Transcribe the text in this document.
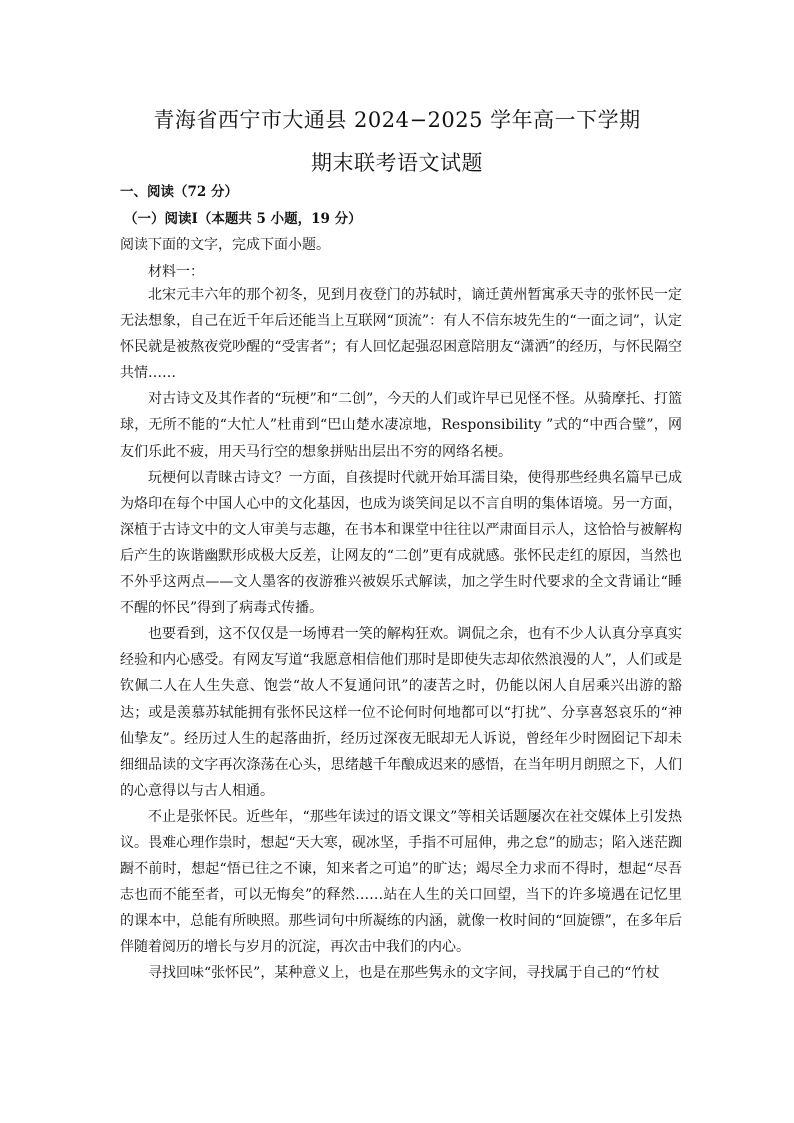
青海省西宁市大通县 2024−2025 学年高一下学期
期末联考语文试题
一、阅读（72 分）
（一）阅读Ⅰ（本题共 5 小题，19 分）
阅读下面的文字，完成下面小题。
材料一：

北宋元丰六年的那个初冬，见到月夜登门的苏轼时，谪迁黄州暂寓承天寺的张怀民一定无法想象，自己在近千年后还能当上互联网“顶流”：有人不信东坡先生的“一面之词”，认定怀民就是被熬夜党吵醒的“受害者”；有人回忆起强忍困意陪朋友“潇洒”的经历，与怀民隔空共情……

对古诗文及其作者的“玩梗”和“二创”，今天的人们或许早已见怪不怪。从骑摩托、打篮球，无所不能的“大忙人”杜甫到“巴山楚水凄凉地，Responsibility ”式的“中西合璧”，网友们乐此不疲，用天马行空的想象拼贴出层出不穷的网络名梗。

玩梗何以青睐古诗文？一方面，自孩提时代就开始耳濡目染，使得那些经典名篇早已成为烙印在每个中国人心中的文化基因，也成为谈笑间足以不言自明的集体语境。另一方面，深植于古诗文中的文人审美与志趣，在书本和课堂中往往以严肃面目示人，这恰恰与被解构后产生的诙谐幽默形成极大反差，让网友的“二创”更有成就感。张怀民走红的原因，当然也不外乎这两点——文人墨客的夜游雅兴被娱乐式解读，加之学生时代要求的全文背诵让“睡不醒的怀民”得到了病毒式传播。

也要看到，这不仅仅是一场博君一笑的解构狂欢。调侃之余，也有不少人认真分享真实经验和内心感受。有网友写道“我愿意相信他们那时是即使失志却依然浪漫的人”，人们或是钦佩二人在人生失意、饱尝“故人不复通问讯”的凄苦之时，仍能以闲人自居乘兴出游的豁达；或是羡慕苏轼能拥有张怀民这样一位不论何时何地都可以“打扰”、分享喜怒哀乐的“神仙挚友”。经历过人生的起落曲折，经历过深夜无眠却无人诉说，曾经年少时囫囵记下却未细细品读的文字再次涤荡在心头，思绪越千年酿成迟来的感悟，在当年明月朗照之下，人们的心意得以与古人相通。

不止是张怀民。近些年，“那些年读过的语文课文”等相关话题屡次在社交媒体上引发热议。畏难心理作祟时，想起“天大寒，砚冰坚，手指不可屈伸，弗之怠”的励志；陷入迷茫踟蹰不前时，想起“悟已往之不谏，知来者之可追”的旷达；竭尽全力求而不得时，想起“尽吾志也而不能至者，可以无悔矣”的释然……站在人生的关口回望，当下的许多境遇在记忆里的课本中，总能有所映照。那些词句中所凝练的内涵，就像一枚时间的“回旋镖”，在多年后伴随着阅历的增长与岁月的沉淀，再次击中我们的内心。

寻找回味“张怀民”，某种意义上，也是在那些隽永的文字间，寻找属于自己的“竹杖
